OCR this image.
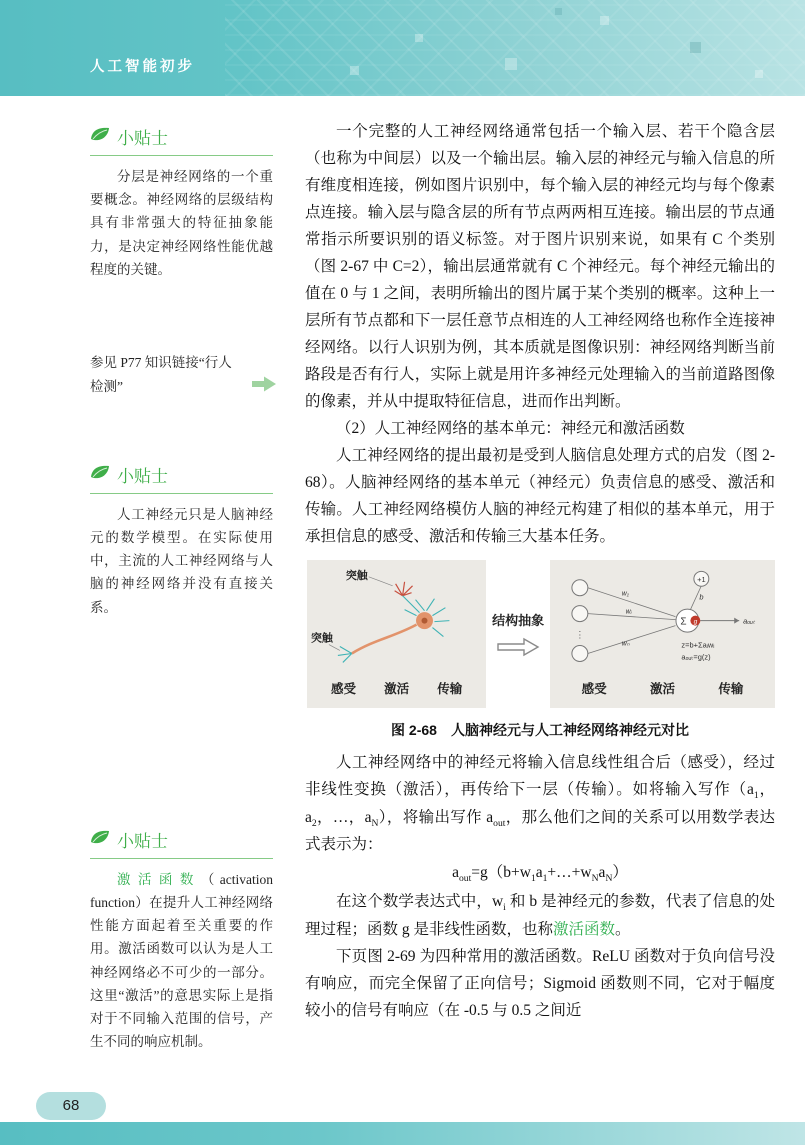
人工智能初步
小贴士

分层是神经网络的一个重要概念。神经网络的层级结构具有非常强大的特征抽象能力，是决定神经网络性能优越程度的关键。

参见 P77 知识链接“行人检测”
小贴士

人工神经元只是人脑神经元的数学模型。在实际使用中，主流的人工神经网络与人脑的神经网络并没有直接关系。

小贴士

激活函数（activation function）在提升人工神经网络性能方面起着至关重要的作用。激活函数可以认为是人工神经网络必不可少的一部分。这里“激活”的意思实际上是指对于不同输入范围的信号，产生不同的响应机制。

一个完整的人工神经网络通常包括一个输入层、若干个隐含层（也称为中间层）以及一个输出层。输入层的神经元与输入信息的所有维度相连接，例如图片识别中，每个输入层的神经元均与每个像素点连接。输入层与隐含层的所有节点两两相互连接。输出层的节点通常指示所要识别的语义标签。对于图片识别来说，如果有 C 个类别（图 2-67 中 C=2），输出层通常就有 C 个神经元。每个神经元输出的值在 0 与 1 之间，表明所输出的图片属于某个类别的概率。这种上一层所有节点都和下一层任意节点相连的人工神经网络也称作全连接神经网络。以行人识别为例，其本质就是图像识别：神经网络判断当前路段是否有行人，实际上就是用许多神经元处理输入的当前道路图像的像素，并从中提取特征信息，进而作出判断。

（2）人工神经网络的基本单元：神经元和激活函数

人工神经网络的提出最初是受到人脑信息处理方式的启发（图 2-68）。人脑神经网络的基本单元（神经元）负责信息的感受、激活和传输。人工神经网络模仿人脑的神经元构建了相似的基本单元，用于承担信息的感受、激活和传输三大基本任务。

突触
突触
感受 激活 传输
结构抽象
⋮
+1
b
w₁
wᵢ
wₙ
Σ g	aₒᵤₜ
z=b+Σaᵢwᵢ
aₒᵤₜ=g(z)
感受	激活	传输
图 2-68　人脑神经元与人工神经网络神经元对比

人工神经网络中的神经元将输入信息线性组合后（感受），经过非线性变换（激活），再传给下一层（传输）。如将输入写作（$a_1$，$a_2$，…，$a_N$），将输出写作 $a_{out}$，那么他们之间的关系可以用数学表达式表示为：

$a_{out}=g(b+w_1a_1+\dots+w_Na_N)$

在这个数学表达式中，$w_i$ 和 b 是神经元的参数，代表了信息的处理过程；函数 g 是非线性函数，也称激活函数。

下页图 2-69 为四种常用的激活函数。ReLU 函数对于负向信号没有响应，而完全保留了正向信号；Sigmoid 函数则不同，它对于幅度较小的信号有响应（在 -0.5 与 0.5 之间近

68
